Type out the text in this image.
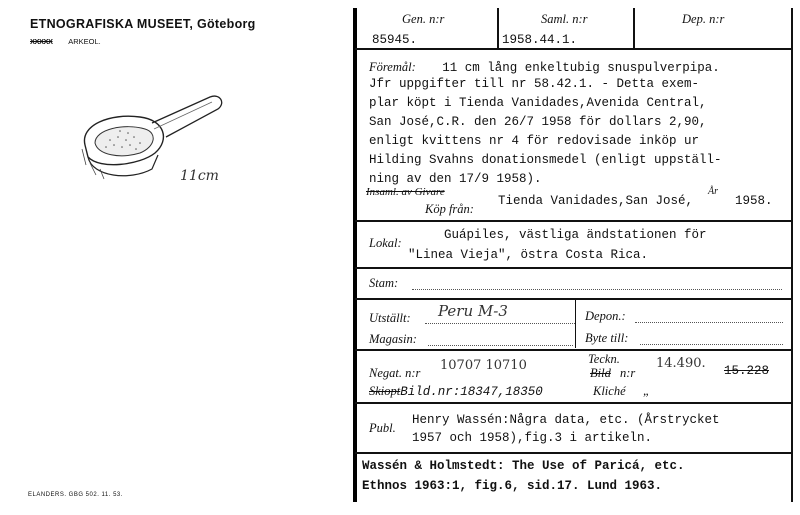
ETNOGRAFISKA MUSEET, Göteborg
XXXXX ARKEOL.
11cm
ELANDERS. GBG 502. 11. 53.
Gen. n:r	Saml. n:r	Dep. n:r
85945.	1958.44.1.
Föremål: 11 cm lång enkeltubig snuspulverpipa.
Jfr uppgifter till nr 58.42.1. - Detta exem-
plar köpt i Tienda Vanidades,Avenida Central,
San José,C.R. den 26/7 1958 för dollars 2,90,
enligt kvittens nr 4 för redovisade inköp ur
Hilding Svahns donationsmedel (enligt uppställ-
ning av den 17/9 1958).
Insaml. av Givare
Köp från:
Tienda Vanidades,San José,
År
1958.
Lokal:
Guápiles, västliga ändstationen för
"Linea Vieja", östra Costa Rica.
Stam:
Utställt: Peru M-3	Depon.:
Magasin:	Byte till:
Negat. n:r 10707 10710	Teckn.
Bild n:r
14.490. 15.228
SkioptBild.nr:18347,18350	Kliché „
Publ.
Henry Wassén:Några data, etc. (Årstrycket
1957 och 1958),fig.3 i artikeln.
Wassén & Holmstedt: The Use of Paricá, etc.
Ethnos 1963:1, fig.6, sid.17. Lund 1963.
